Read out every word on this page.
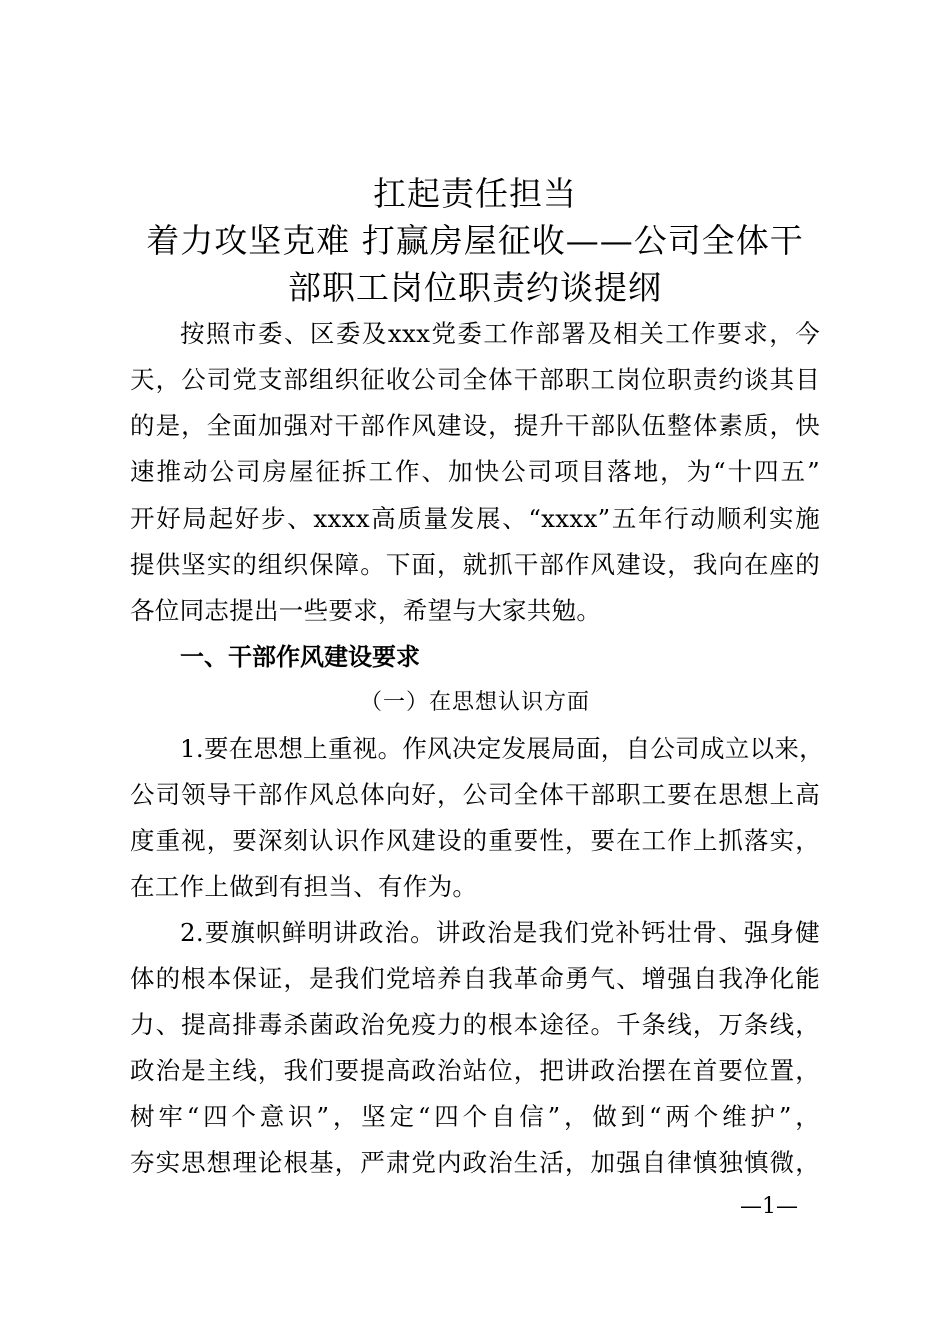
扛起责任担当
着力攻坚克难 打赢房屋征收——公司全体干
部职工岗位职责约谈提纲
按照市委、区委及xxx党委工作部署及相关工作要求，今
天，公司党支部组织征收公司全体干部职工岗位职责约谈其目
的是，全面加强对干部作风建设，提升干部队伍整体素质，快
速推动公司房屋征拆工作、加快公司项目落地，为“十四五”
开好局起好步、xxxx高质量发展、“xxxx”五年行动顺利实施
提供坚实的组织保障。下面，就抓干部作风建设，我向在座的
各位同志提出一些要求，希望与大家共勉。
一、干部作风建设要求
（一）在思想认识方面
1.要在思想上重视。作风决定发展局面，自公司成立以来，
公司领导干部作风总体向好，公司全体干部职工要在思想上高
度重视，要深刻认识作风建设的重要性，要在工作上抓落实，
在工作上做到有担当、有作为。
2.要旗帜鲜明讲政治。讲政治是我们党补钙壮骨、强身健
体的根本保证，是我们党培养自我革命勇气、增强自我净化能
力、提高排毒杀菌政治免疫力的根本途径。千条线，万条线，
政治是主线，我们要提高政治站位，把讲政治摆在首要位置，
树牢“四个意识”，坚定“四个自信”，做到“两个维护”，
夯实思想理论根基，严肃党内政治生活，加强自律慎独慎微，
—1—
